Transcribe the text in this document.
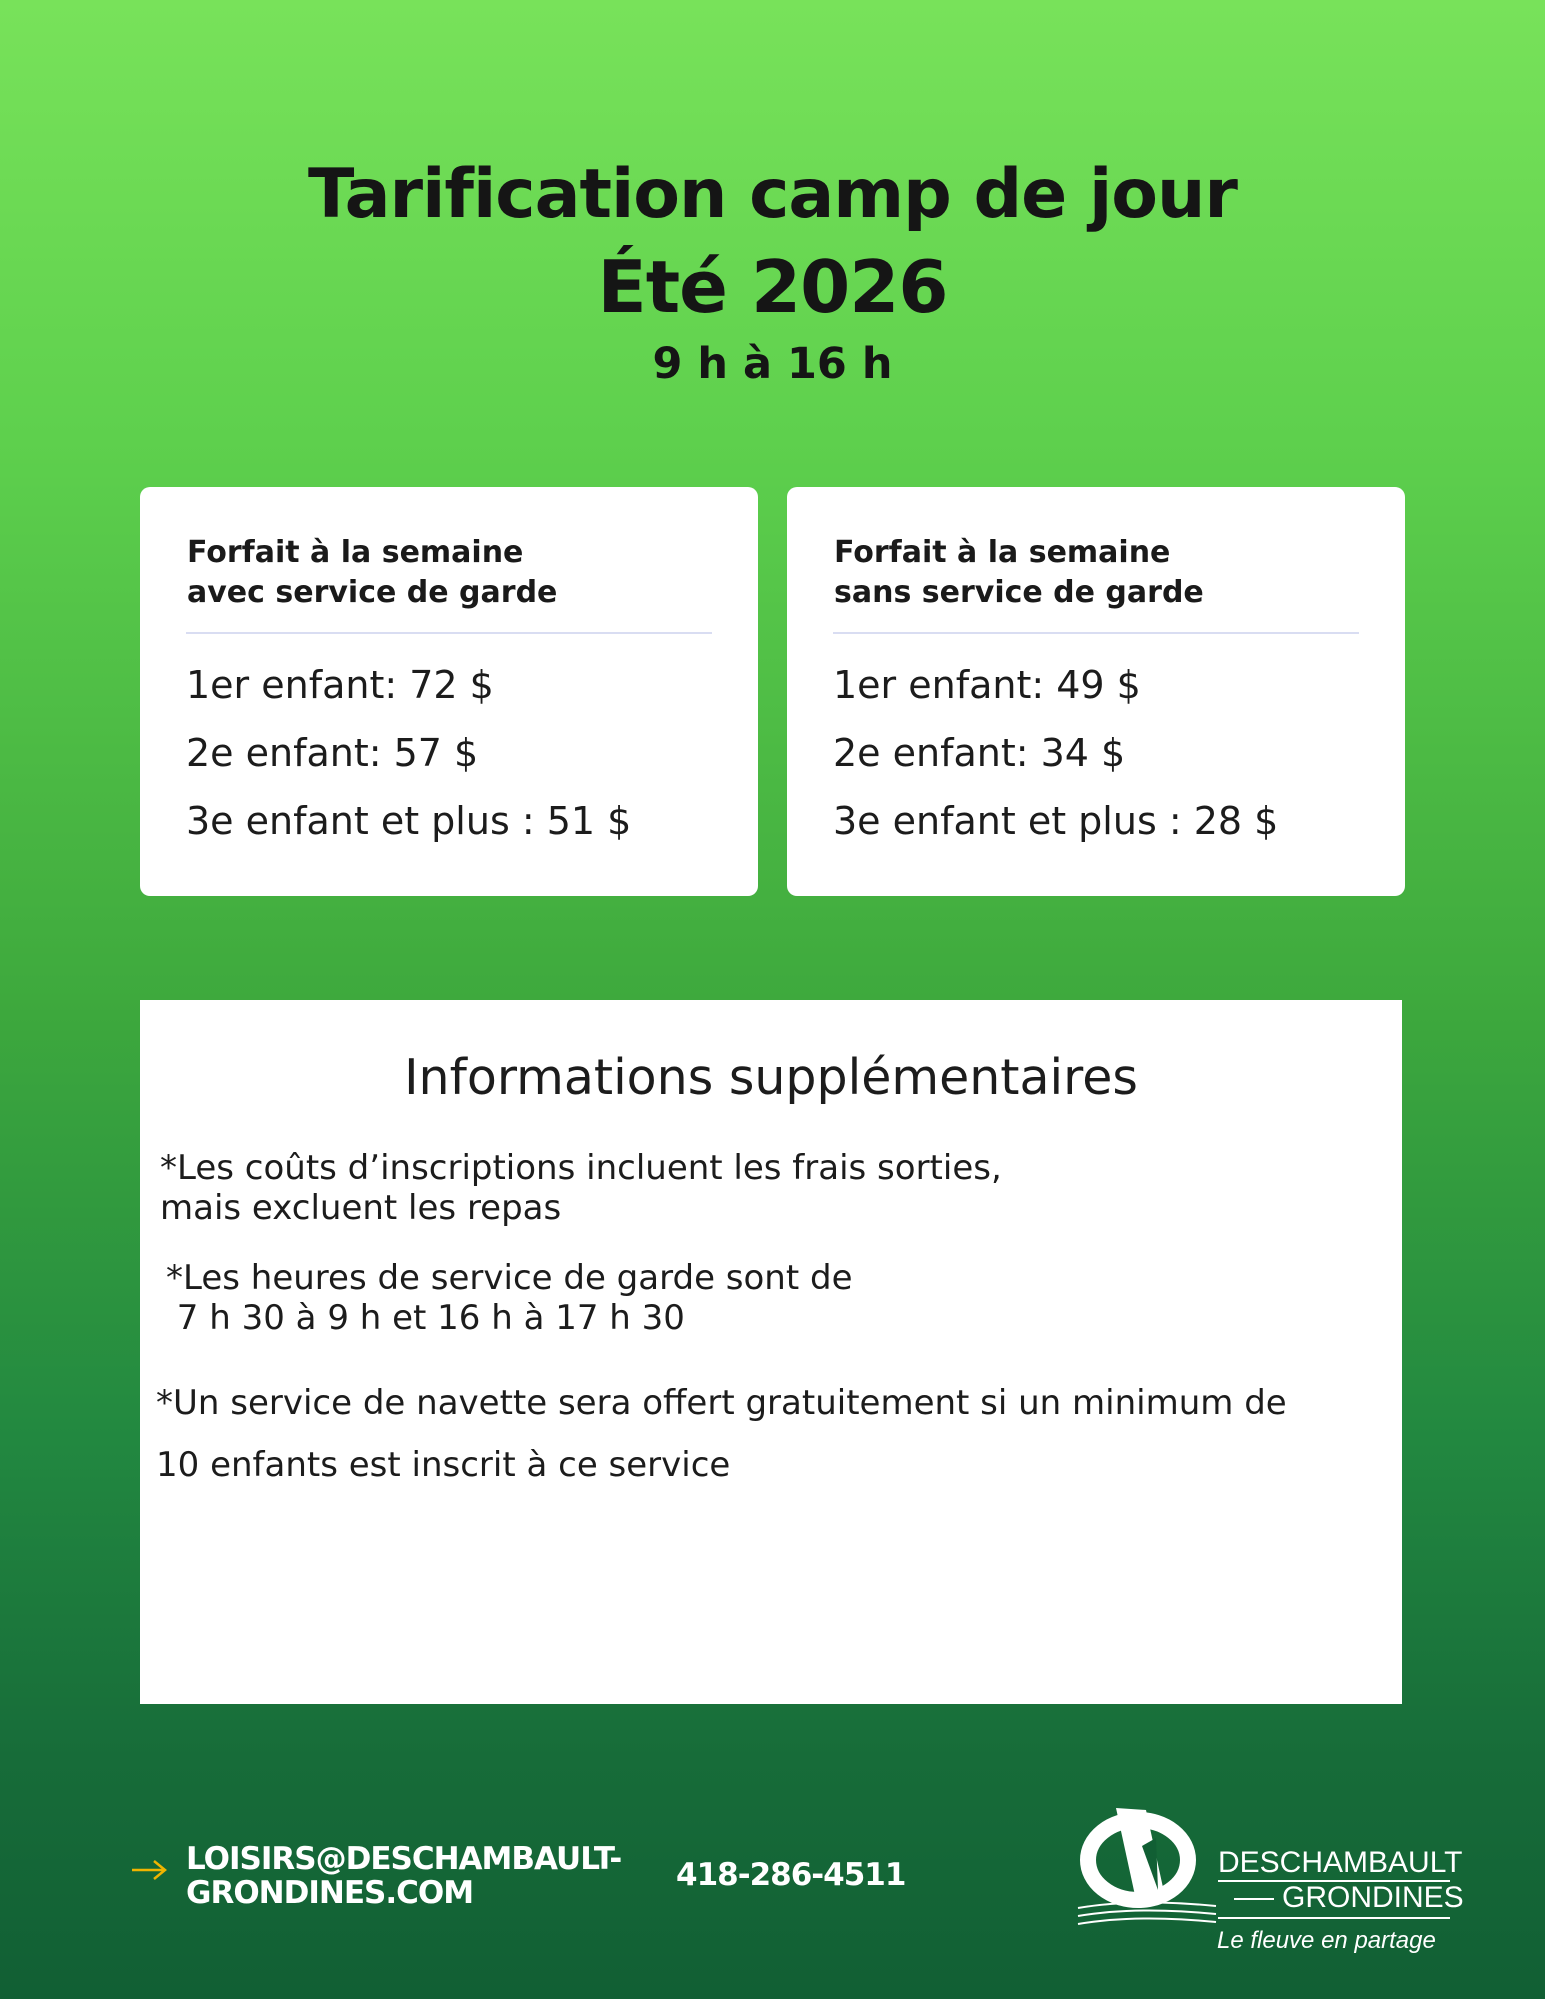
Tarification camp de jour
Été 2026
9 h à 16 h
Forfait à la semaine
avec service de garde
1er enfant: 72 $
2e enfant: 57 $
3e enfant et plus : 51 $
Forfait à la semaine
sans service de garde
1er enfant: 49 $
2e enfant: 34 $
3e enfant et plus : 28 $
Informations supplémentaires
*Les coûts d’inscriptions incluent les frais sorties,
mais excluent les repas
*Les heures de service de garde sont de
7 h 30 à 9 h et 16 h à 17 h 30
*Un service de navette sera offert gratuitement si un minimum de
10 enfants est inscrit à ce service
LOISIRS@DESCHAMBAULT-
GRONDINES.COM	418-286-4511	DESCHAMBAULT
GRONDINES
Le fleuve en partage
